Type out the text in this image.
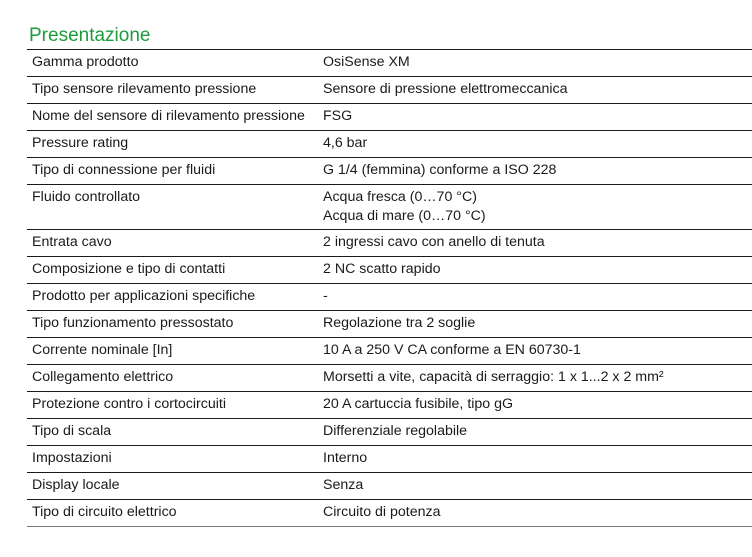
Presentazione
Gamma prodotto	OsiSense XM

Tipo sensore rilevamento pressione	Sensore di pressione elettromeccanica

Nome del sensore di rilevamento pressione	FSG

Pressure rating	4,6 bar

Tipo di connessione per fluidi	G 1/4 (femmina) conforme a ISO 228

Fluido controllato	Acqua fresca (0…70 °C)
Acqua di mare (0…70 °C)

Entrata cavo	2 ingressi cavo con anello di tenuta

Composizione e tipo di contatti	2 NC scatto rapido

Prodotto per applicazioni specifiche	-

Tipo funzionamento pressostato	Regolazione tra 2 soglie

Corrente nominale [In]	10 A a 250 V CA conforme a EN 60730-1

Collegamento elettrico	Morsetti a vite, capacità di serraggio: 1 x 1...2 x 2 mm²

Protezione contro i cortocircuiti	20 A cartuccia fusibile, tipo gG

Tipo di scala	Differenziale regolabile

Impostazioni	Interno

Display locale	Senza

Tipo di circuito elettrico	Circuito di potenza
